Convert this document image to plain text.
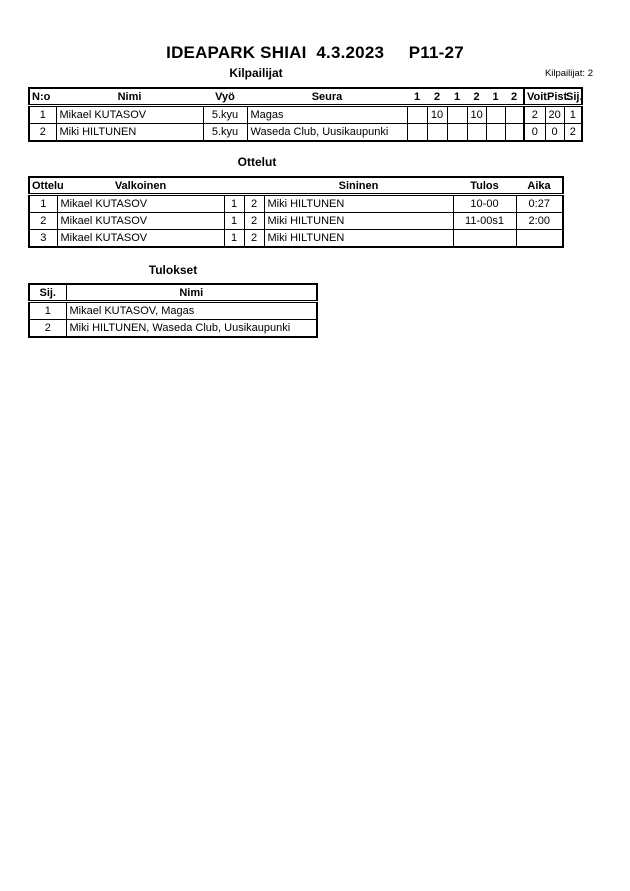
IDEAPARK SHIAI  4.3.2023     P11-27
Kilpailijat	Kilpailijat: 2
N:o	Nimi	Vyö	Seura	1	2	1	2	1	2	Voit.	Pist.	Sij.
1	Mikael KUTASOV	5.kyu	Magas		10		10			2	20	1
2	Miki HILTUNEN	5.kyu	Waseda Club, Uusikaupunki							0	0	2
Ottelut
Ottelu	Valkoinen			Sininen	Tulos	Aika
1	Mikael KUTASOV	1	2	Miki HILTUNEN	10-00	0:27
2	Mikael KUTASOV	1	2	Miki HILTUNEN	11-00s1	2:00
3	Mikael KUTASOV	1	2	Miki HILTUNEN		
Tulokset
Sij.	Nimi
1	Mikael KUTASOV, Magas
2	Miki HILTUNEN, Waseda Club, Uusikaupunki
